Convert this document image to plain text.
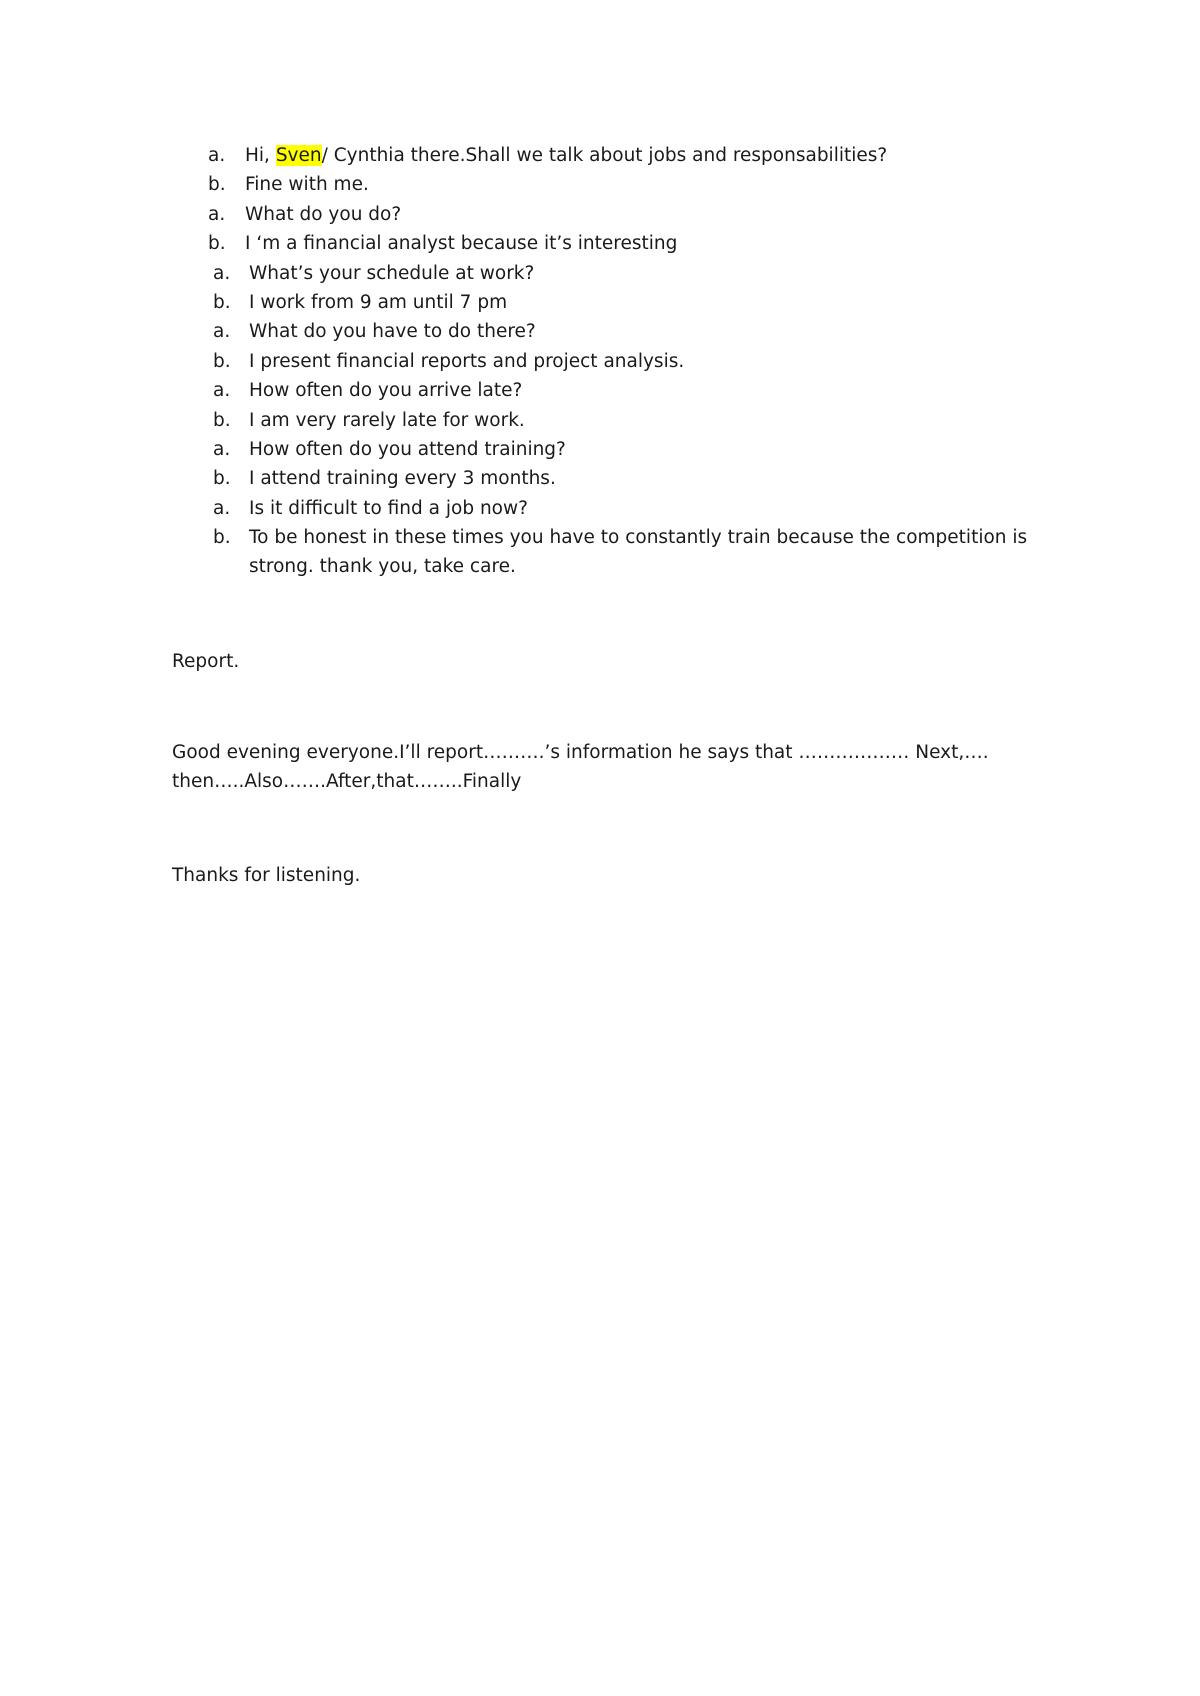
a.	Hi, Sven/ Cynthia there.Shall we talk about jobs and responsabilities?
b.	Fine with me.
a.	What do you do?
b.	I ‘m a financial analyst because it’s interesting
a.	What’s your schedule at work?
b. I work from 9 am until 7 pm
a.	What do you have to do there?
b. I present financial reports and project analysis.
a.	How often do you arrive late?
b. I am very rarely late for work.
a.	How often do you attend training?
b. I attend training every 3 months.
a.	Is it difficult to find a job now?
b. To be honest in these times you have to constantly train because the competition is strong. thank you, take care.
Report.
Good evening everyone.I’ll report……….’s information he says that ……………… Next,….
then…..Also…….After,that……..Finally
Thanks for listening.
